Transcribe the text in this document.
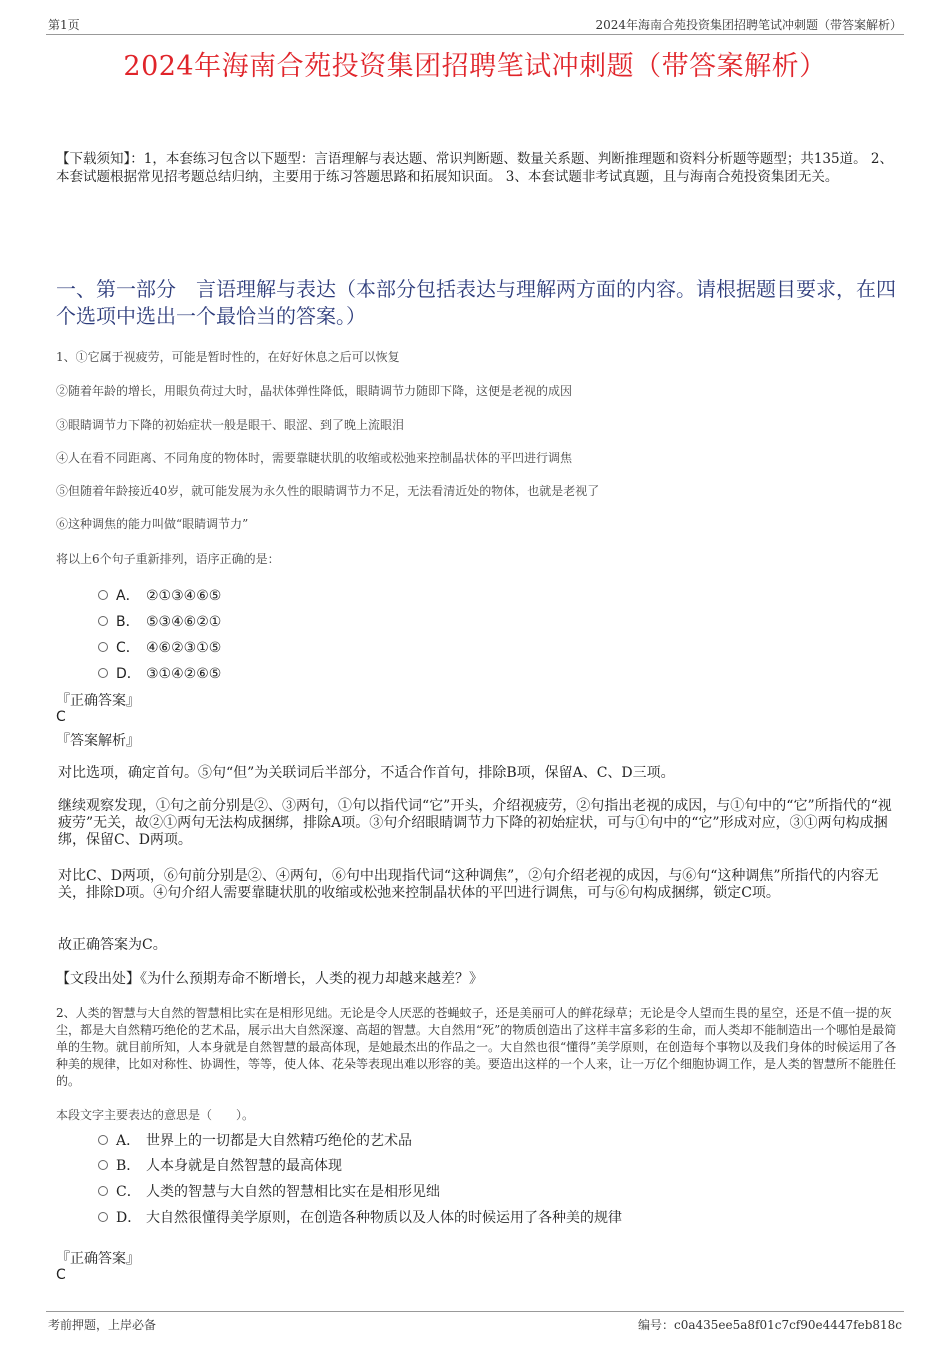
第1页	2024年海南合苑投资集团招聘笔试冲刺题（带答案解析）
2024年海南合苑投资集团招聘笔试冲刺题（带答案解析）
【下载须知】：1，本套练习包含以下题型：言语理解与表达题、常识判断题、数量关系题、判断推理题和资料分析题等题型；共135道。 2、本套试题根据常见招考题总结归纳，主要用于练习答题思路和拓展知识面。 3、本套试题非考试真题，且与海南合苑投资集团无关。
一、第一部分　言语理解与表达（本部分包括表达与理解两方面的内容。请根据题目要求，在四个选项中选出一个最恰当的答案。）
1、①它属于视疲劳，可能是暂时性的，在好好休息之后可以恢复
②随着年龄的增长，用眼负荷过大时，晶状体弹性降低，眼睛调节力随即下降，这便是老视的成因
③眼睛调节力下降的初始症状一般是眼干、眼涩、到了晚上流眼泪
④人在看不同距离、不同角度的物体时，需要靠睫状肌的收缩或松弛来控制晶状体的平凹进行调焦
⑤但随着年龄接近40岁，就可能发展为永久性的眼睛调节力不足，无法看清近处的物体，也就是老视了
⑥这种调焦的能力叫做“眼睛调节力”
将以上6个句子重新排列，语序正确的是：
A． ②①③④⑥⑤
B． ⑤③④⑥②①
C． ④⑥②③①⑤
D． ③①④②⑥⑤
『正确答案』
C
『答案解析』
对比选项，确定首句。⑤句“但”为关联词后半部分，不适合作首句，排除B项，保留A、C、D三项。
继续观察发现，①句之前分别是②、③两句，①句以指代词“它”开头，介绍视疲劳，②句指出老视的成因，与①句中的“它”所指代的“视疲劳”无关，故②①两句无法构成捆绑，排除A项。③句介绍眼睛调节力下降的初始症状，可与①句中的“它”形成对应，③①两句构成捆绑，保留C、D两项。
对比C、D两项，⑥句前分别是②、④两句，⑥句中出现指代词“这种调焦”，②句介绍老视的成因，与⑥句“这种调焦”所指代的内容无关，排除D项。④句介绍人需要靠睫状肌的收缩或松弛来控制晶状体的平凹进行调焦，可与⑥句构成捆绑，锁定C项。
故正确答案为C。
【文段出处】《为什么预期寿命不断增长，人类的视力却越来越差？》
2、人类的智慧与大自然的智慧相比实在是相形见绌。无论是令人厌恶的苍蝇蚊子，还是美丽可人的鲜花绿草；无论是令人望而生畏的星空，还是不值一提的灰尘，都是大自然精巧绝伦的艺术品，展示出大自然深邃、高超的智慧。大自然用“死”的物质创造出了这样丰富多彩的生命，而人类却不能制造出一个哪怕是最简单的生物。就目前所知，人本身就是自然智慧的最高体现，是她最杰出的作品之一。大自然也很“懂得”美学原则，在创造每个事物以及我们身体的时候运用了各种美的规律，比如对称性、协调性，等等，使人体、花朵等表现出难以形容的美。要造出这样的一个人来，让一万亿个细胞协调工作，是人类的智慧所不能胜任的。
本段文字主要表达的意思是（　　）。
A． 世界上的一切都是大自然精巧绝伦的艺术品
B． 人本身就是自然智慧的最高体现
C． 人类的智慧与大自然的智慧相比实在是相形见绌
D． 大自然很懂得美学原则，在创造各种物质以及人体的时候运用了各种美的规律
『正确答案』
C
考前押题，上岸必备	编号：c0a435ee5a8f01c7cf90e4447feb818c
